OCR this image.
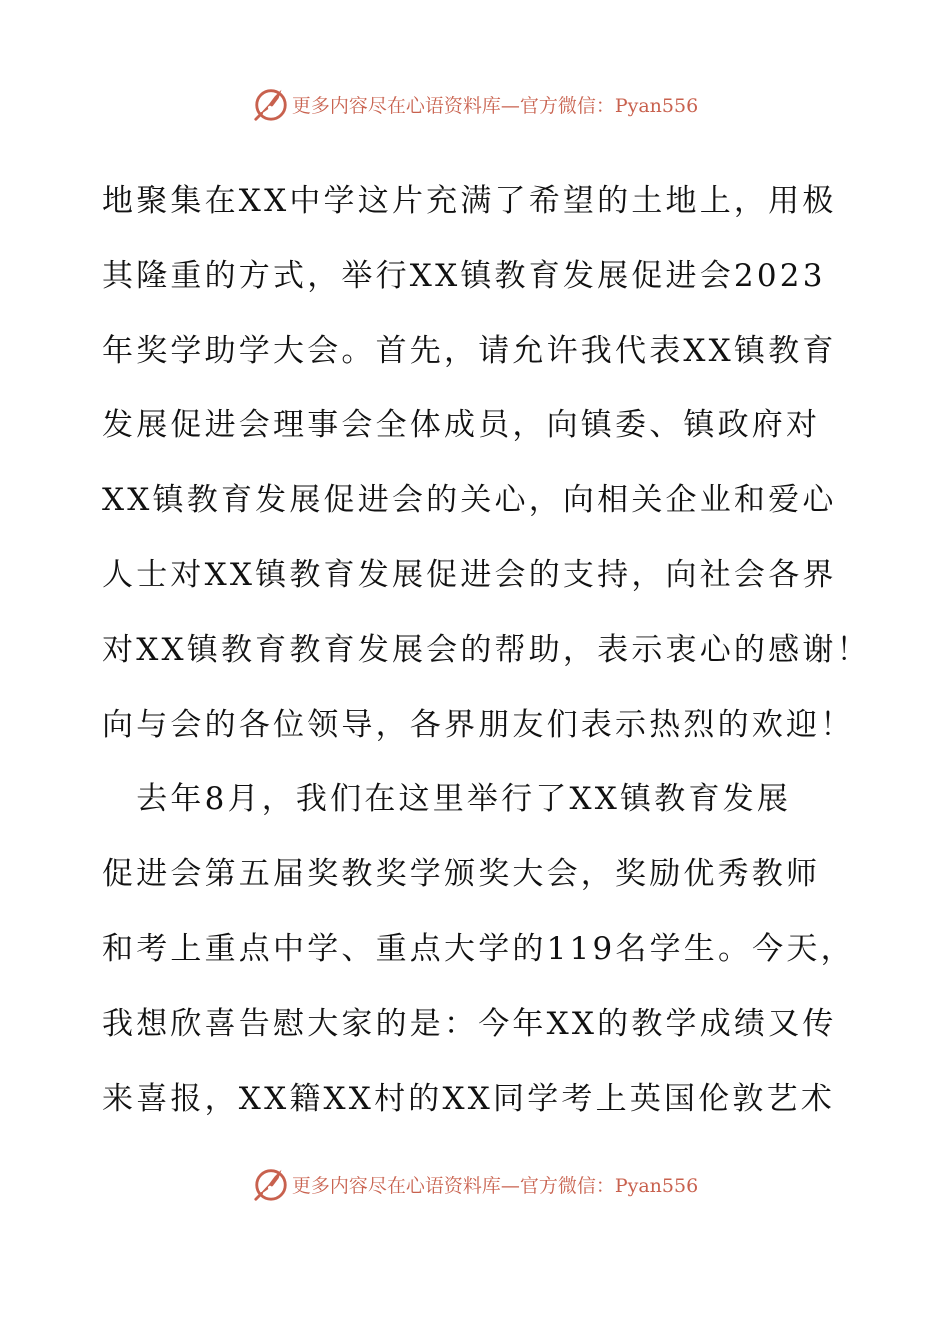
更多内容尽在心语资料库—官方微信：Pyan556
地聚集在XX中学这片充满了希望的土地上，用极
其隆重的方式，举行XX镇教育发展促进会2023
年奖学助学大会。首先，请允许我代表XX镇教育
发展促进会理事会全体成员，向镇委、镇政府对
XX镇教育发展促进会的关心，向相关企业和爱心
人士对XX镇教育发展促进会的支持，向社会各界
对XX镇教育教育发展会的帮助，表示衷心的感谢！
向与会的各位领导，各界朋友们表示热烈的欢迎！
　去年8月，我们在这里举行了XX镇教育发展
促进会第五届奖教奖学颁奖大会，奖励优秀教师
和考上重点中学、重点大学的119名学生。今天，
我想欣喜告慰大家的是：今年XX的教学成绩又传
来喜报，XX籍XX村的XX同学考上英国伦敦艺术
更多内容尽在心语资料库—官方微信：Pyan556
